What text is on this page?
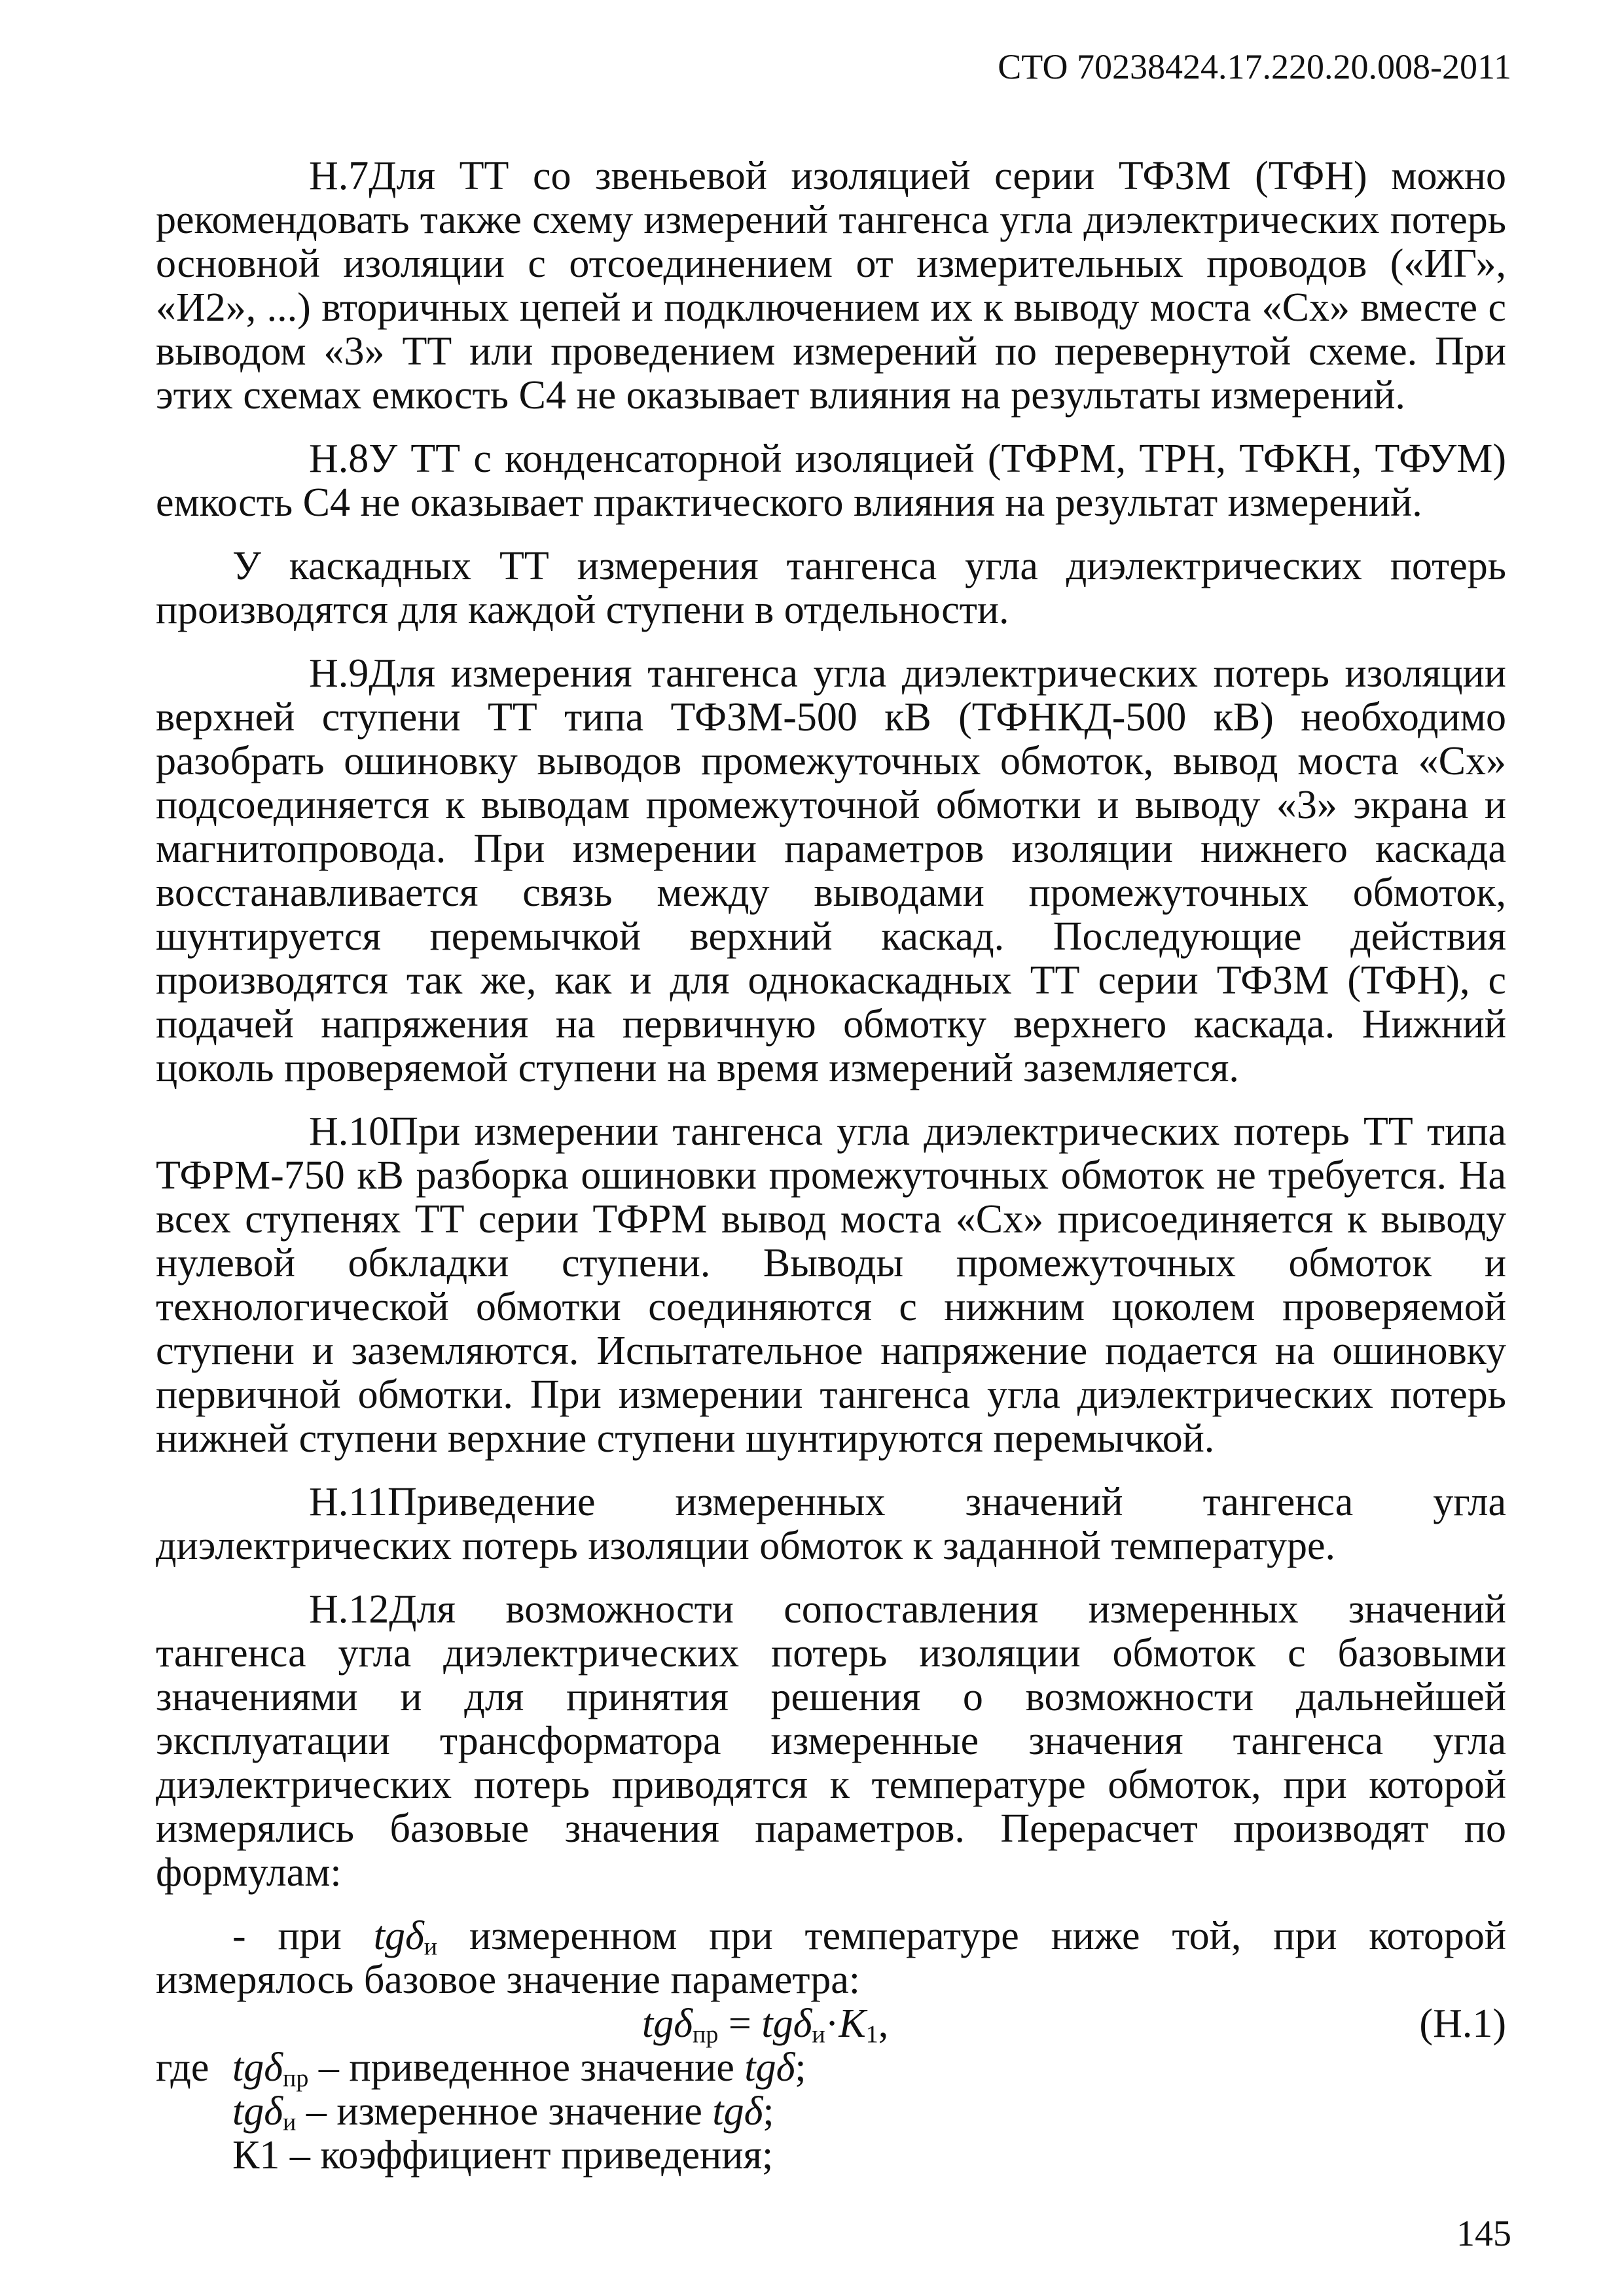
СТО 70238424.17.220.20.008-2011

Н.7Для ТТ со звеньевой изоляцией серии ТФЗМ (ТФН) можно рекомендовать также схему измерений тангенса угла диэлектрических потерь основной изоляции с отсоединением от измерительных проводов («ИГ», «И2», ...) вторичных цепей и подключением их к выводу моста «Сх» вместе с выводом «3» ТТ или проведением измерений по перевернутой схеме. При этих схемах емкость С4 не оказывает влияния на результаты измерений.

Н.8У ТТ с конденсаторной изоляцией (ТФРМ, ТРН, ТФКН, ТФУМ) емкость С4 не оказывает практического влияния на результат измерений.

У каскадных ТТ измерения тангенса угла диэлектрических потерь производятся для каждой ступени в отдельности.

Н.9Для измерения тангенса угла диэлектрических потерь изоляции верхней ступени ТТ типа ТФЗМ-500 кВ (ТФНКД-500 кВ) необходимо разобрать ошиновку выводов промежуточных обмоток, вывод моста «Сх» подсоединяется к выводам промежуточной обмотки и выводу «3» экрана и магнитопровода. При измерении параметров изоляции нижнего каскада восстанавливается связь между выводами промежуточных обмоток, шунтируется перемычкой верхний каскад. Последующие действия производятся так же, как и для однокаскадных ТТ серии ТФЗМ (ТФН), с подачей напряжения на первичную обмотку верхнего каскада. Нижний цоколь проверяемой ступени на время измерений заземляется.

Н.10При измерении тангенса угла диэлектрических потерь ТТ типа ТФРМ-750 кВ разборка ошиновки промежуточных обмоток не требуется. На всех ступенях ТТ серии ТФРМ вывод моста «Сх» присоединяется к выводу нулевой обкладки ступени. Выводы промежуточных обмоток и технологической обмотки соединяются с нижним цоколем проверяемой ступени и заземляются. Испытательное напряжение подается на ошиновку первичной обмотки. При измерении тангенса угла диэлектрических потерь нижней ступени верхние ступени шунтируются перемычкой.

Н.11Приведение измеренных значений тангенса угла диэлектрических потерь изоляции обмоток к заданной температуре.

Н.12Для возможности сопоставления измеренных значений тангенса угла диэлектрических потерь изоляции обмоток с базовыми значениями и для принятия решения о возможности дальнейшей эксплуатации трансформатора измеренные значения тангенса угла диэлектрических потерь приводятся к температуре обмоток, при которой измерялись базовые значения параметров. Перерасчет производят по формулам:

- при tgδ$_и$ измеренном при температуре ниже той, при которой измерялось базовое значение параметра:

$tg\delta_{пр} = tg\delta_и\cdot K_1$,	(Н.1)
где tgδ$_{пр}$ – приведенное значение tgδ;
tgδ$_и$ – измеренное значение tgδ;
К1 – коэффициент приведения;
145
